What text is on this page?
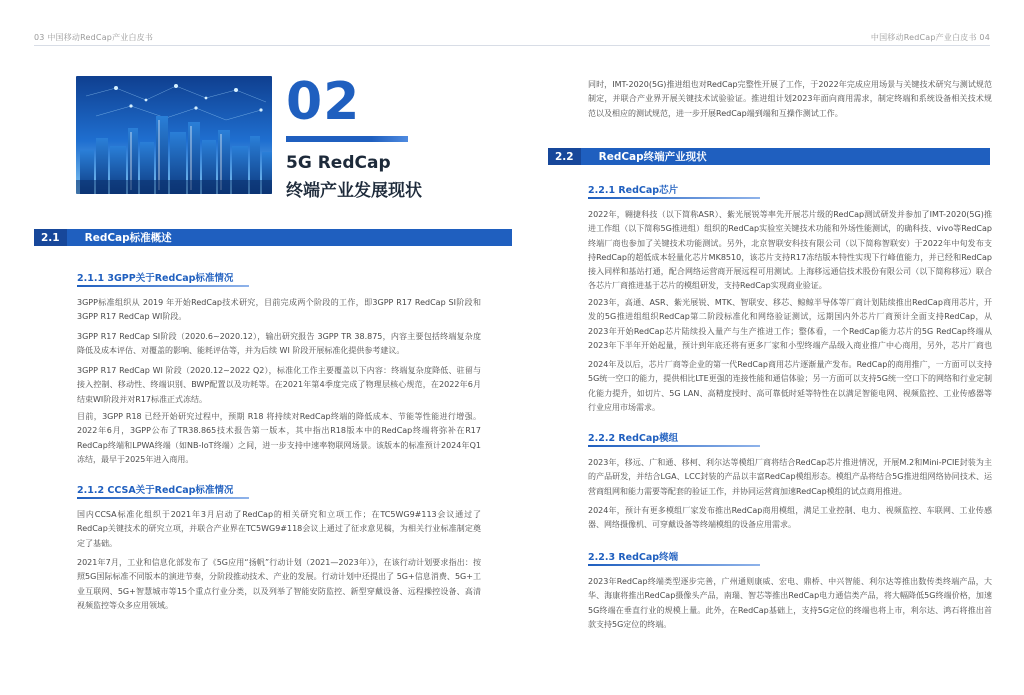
03 中国移动RedCap产业白皮书
02
5G RedCap
终端产业发展现状
2.1	RedCap标准概述
2.1.1 3GPP关于RedCap标准情况
3GPP标准组织从 2019 年开始RedCap技术研究，目前完成两个阶段的工作，即3GPP R17 RedCap SI阶段和3GPP R17 RedCap WI阶段。
3GPP R17 RedCap SI阶段（2020.6~2020.12），输出研究报告 3GPP TR 38.875，内容主要包括终端复杂度降低及成本评估、对覆盖的影响、能耗评估等，并为后续 WI 阶段开展标准化提供参考建议。
3GPP R17 RedCap WI 阶段（2020.12~2022 Q2），标准化工作主要覆盖以下内容：终端复杂度降低、驻留与接入控制、移动性、终端识别、BWP配置以及功耗等。在2021年第4季度完成了物理层核心规范，在2022年6月结束WI阶段并对R17标准正式冻结。
目前，3GPP R18 已经开始研究过程中，预期 R18 将持续对RedCap终端的降低成本、节能等性能进行增强。2022年6月，3GPP公布了TR38.865技术报告第一版本，其中指出R18版本中的RedCap终端将弥补在R17 RedCap终端和LPWA终端（如NB-IoT终端）之间，进一步支持中速率物联网场景。该版本的标准预计2024年Q1冻结，最早于2025年进入商用。
2.1.2 CCSA关于RedCap标准情况
国内CCSA标准化组织于2021年3月启动了RedCap的相关研究和立项工作；在TC5WG9#113会议通过了RedCap关键技术的研究立项，并联合产业界在TC5WG9#118会议上通过了征求意见稿，为相关行业标准制定奠定了基础。
2021年7月，工业和信息化部发布了《5G应用“扬帆”行动计划（2021—2023年）》，在该行动计划要求指出：按照5G国际标准不同版本的演进节奏，分阶段推动技术、产业的发展。行动计划中还提出了 5G+信息消费、5G+工业互联网、5G+智慧城市等15个重点行业分类，以及列举了智能安防监控、新型穿戴设备、远程操控设备、高清视频监控等众多应用领域。
中国移动RedCap产业白皮书 04
同时，IMT-2020(5G)推进组也对RedCap完整性开展了工作，于2022年完成应用场景与关键技术研究与测试规范制定，并联合产业界开展关键技术试验验证。推进组计划2023年面向商用需求，制定终端和系统设备相关技术规范以及相应的测试规范，进一步开展RedCap端到端和互操作测试工作。
2.2	RedCap终端产业现状
2.2.1 RedCap芯片
2022年，翱捷科技（以下简称ASR）、紫光展锐等率先开展芯片级的RedCap测试研发并参加了IMT-2020(5G)推进工作组（以下简称5G推进组）组织的RedCap实验室关键技术功能和外场性能测试，的确科技、vivo等RedCap终端厂商也参加了关键技术功能测试。另外，北京智联安科技有限公司（以下简称智联安）于2022年中旬发布支持RedCap的超低成本轻量化芯片MK8510，该芯片支持R17冻结版本特性实现下行峰值能力，并已经和RedCap接入同样和基站打通，配合网络运营商开展远程可用测试。上海移远通信技术股份有限公司（以下简称移远）联合各芯片厂商推进基于芯片的模组研发，支持RedCap实现商业验证。
2023年，高通、ASR、紫光展锐、MTK、智联安、移芯、鲸鲸半导体等厂商计划陆续推出RedCap商用芯片，开发的5G推进组组织RedCap第二阶段标准化和网络验证测试，远期国内外芯片厂商预计全面支持RedCap，从2023年开始RedCap芯片陆续投入量产与生产推进工作；整体看，一个RedCap能力芯片的5G RedCap终端从2023年下半年开始起量，预计到年底还将有更多厂家和小型终端产品级入商业推广中心商用，另外，芯片厂商也
2024年及以后，芯片厂商等企业的第一代RedCap商用芯片逐渐量产发布。RedCap的商用推广，一方面可以支持5G统一空口的能力，提供相比LTE更强的连接性能和通信体验；另一方面可以支持5G统一空口下的网络和行业定制化能力提升，如切片、5G LAN、高精度授时、高可靠低时延等特性在以满足智能电网、视频监控、工业传感器等行业应用市场需求。
2.2.2 RedCap模组
2023年，移远、广和通、移柯、利尔达等模组厂商将结合RedCap芯片推进情况，开展M.2和Mini-PCIE封装为主的产品研发，并结合LGA、LCC封装的产品以丰富RedCap模组形态。模组产品将结合5G推进组网络协同技术、运营商组网和能力需要等配套的验证工作，并协同运营商加速RedCap模组的试点商用推进。
2024年，预计有更多模组厂家发布推出RedCap商用模组，满足工业控制、电力、视频监控、车联网、工业传感器、网络摄像机、可穿戴设备等终端模组的设备应用需求。
2.2.3 RedCap终端
2023年RedCap终端类型逐步完善，广州通则康威、宏电、鼎桥、中兴智能、利尔达等推出数传类终端产品，大华、海康将推出RedCap摄像头产品，南瑞、智芯等推出RedCap电力通信类产品，将大幅降低5G终端价格，加速5G终端在垂直行业的规模上量。此外，在RedCap基础上，支持5G定位的终端也将上市，利尔达、鸿石将推出首款支持5G定位的终端。
